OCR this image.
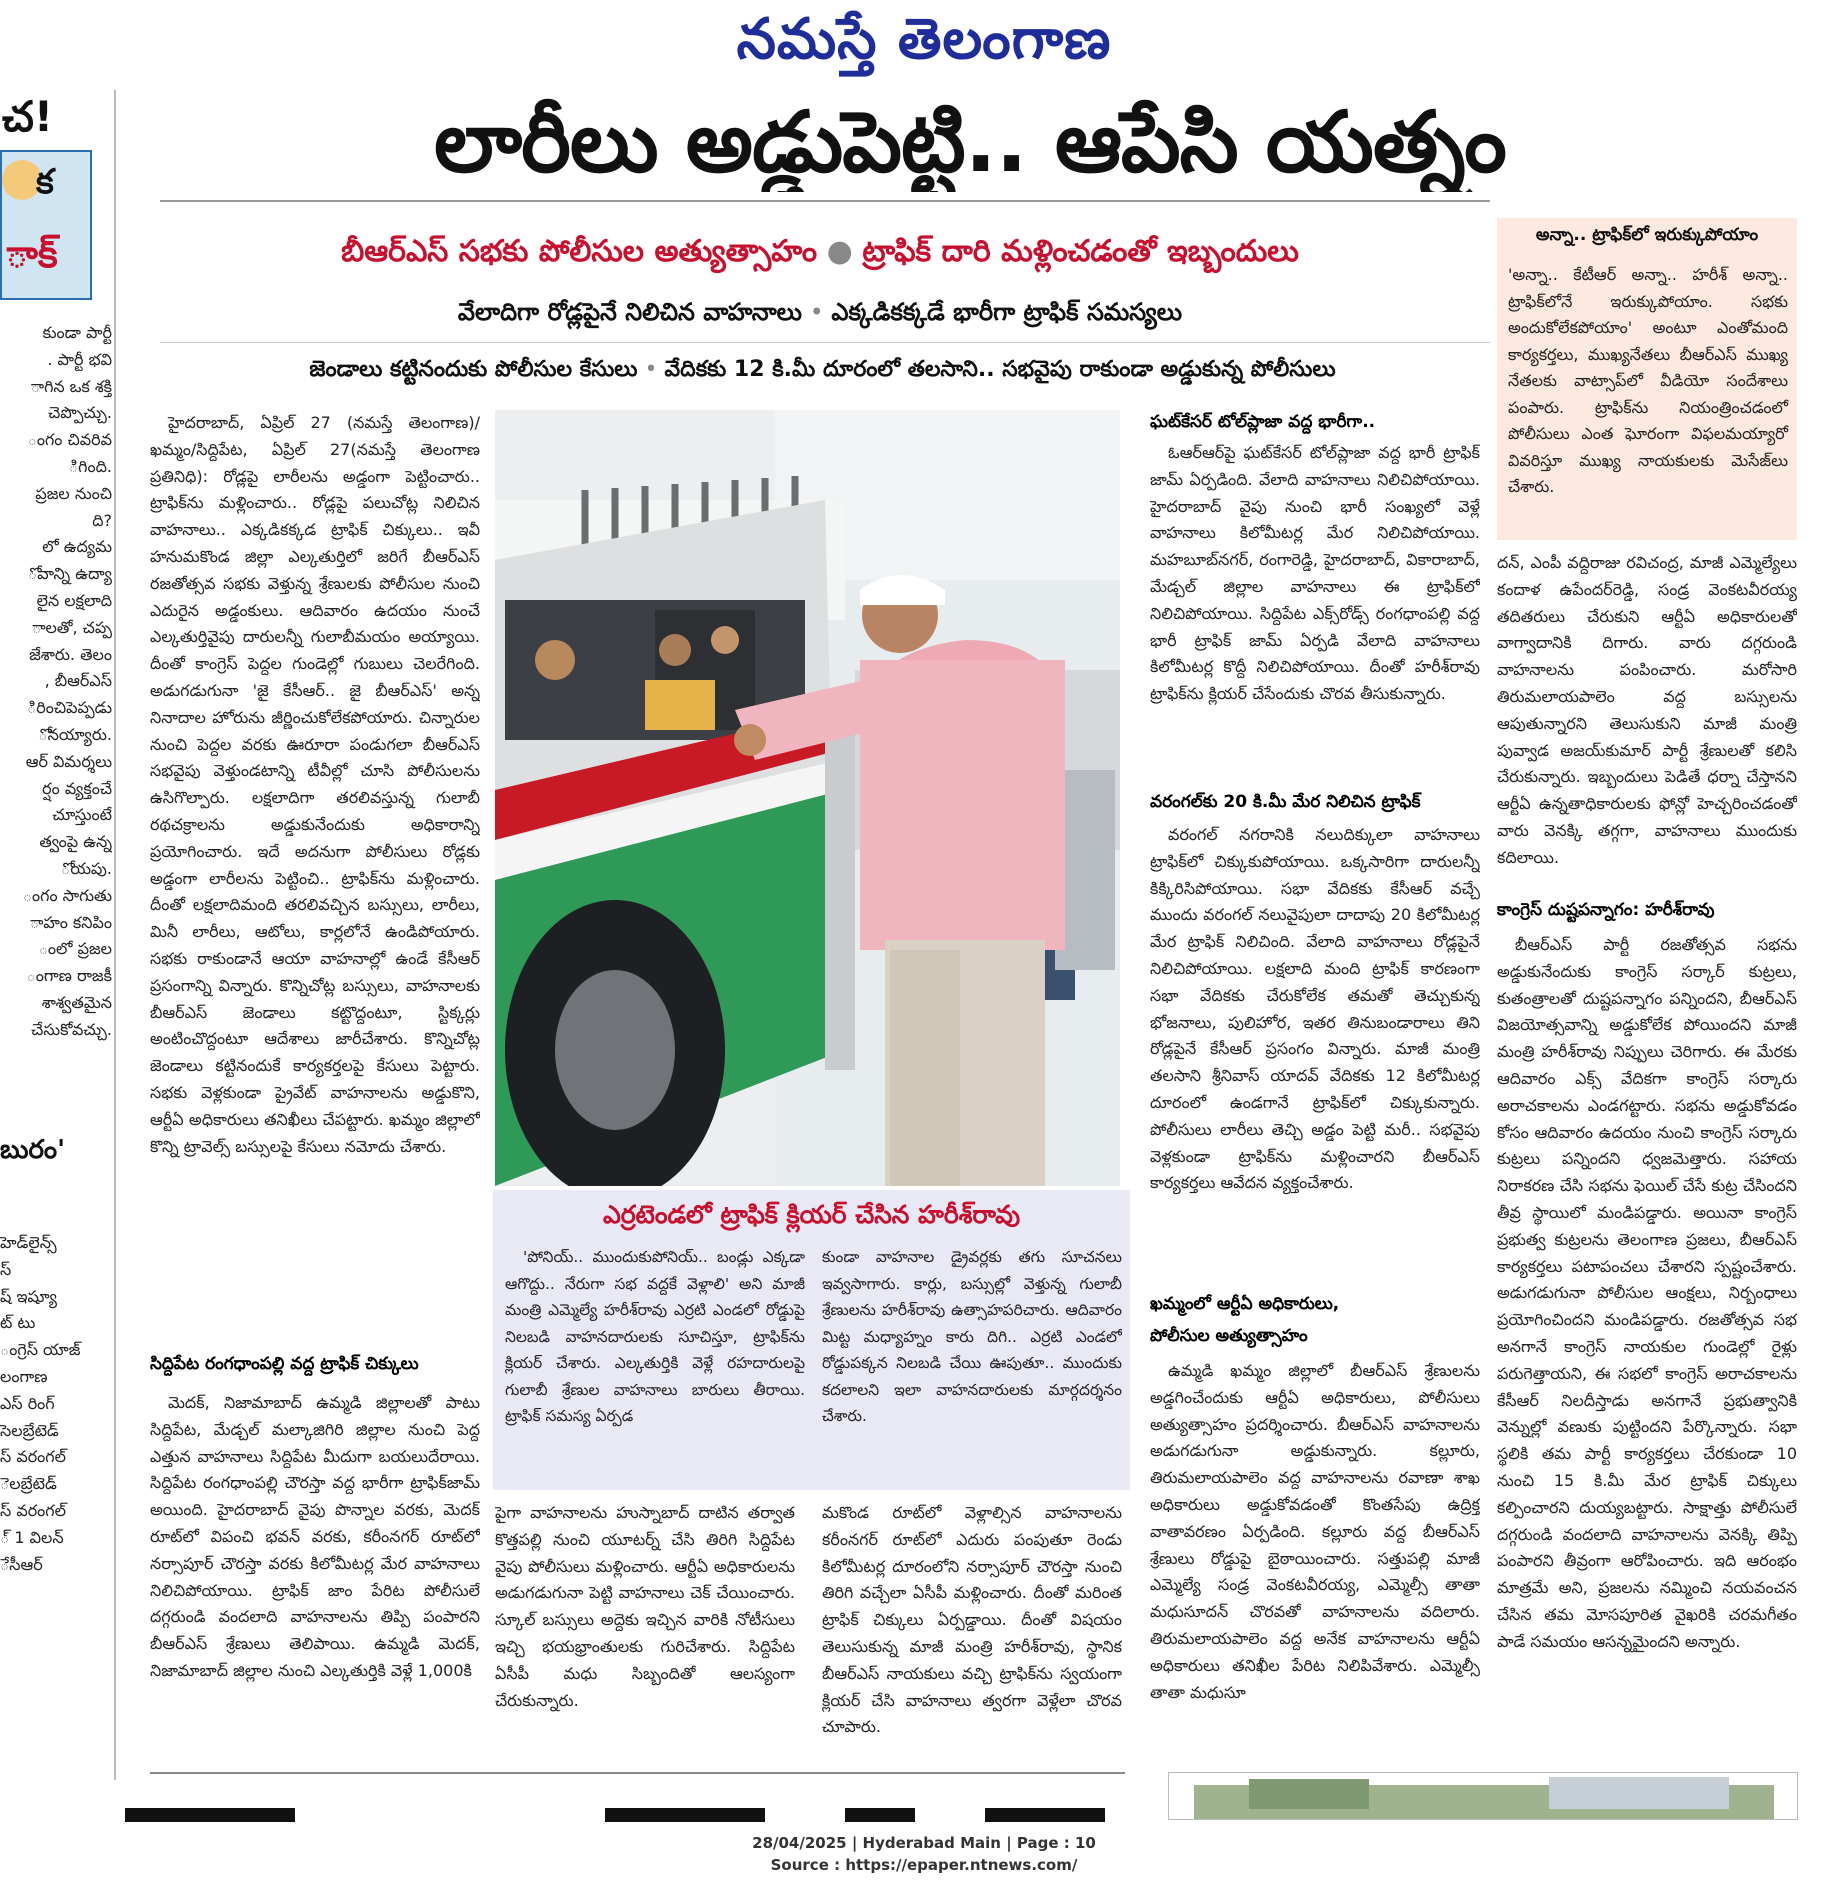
నమస్తే తెలంగాణ
చ!
క
ాక్
కుండా పార్టీ
. పార్టీ భవి
ాగిన ఒక శక్తి
చెప్పొచ్చు.
ంగం చివరివ
ిగింది.
ప్రజల నుంచి
ది?
లో ఉద్యమ
ోవాన్ని ఉద్యా
లైన లక్షలాది
ాలతో, చప్ప
జేశారు. తెలం
, బీఆర్ఎస్
ిరించిపెప్పడు
ోనయ్యారు.
ఆర్ విమర్శలు
ర్షం వ్యక్తంచే
చూస్తుంటే
త్వంపై ఉన్న
ోయపు.
ంగం సాగుతు
ాహం కనిపిం
ంలో ప్రజల
ంగాణ రాజకీ
శాశ్వతమైన
చేసుకోవచ్చు.
బురం'
హెడ్‌లైన్స్
స్
ష్ ఇష్యూ
ట్ టు
ంగ్రెస్ యాజ్
లంగాణ
ఎస్ రింగ్
సెలబ్రేటెడ్
స్ వరంగల్
ెలబ్రేటెడ్
స్ వరంగల్
్ 1 విలన్
ేసీఆర్
లారీలు అడ్డుపెట్టి.. ఆపేసి యత్నం
బీఆర్ఎస్ సభకు పోలీసుల అత్యుత్సాహం ● ట్రాఫిక్ దారి మళ్లించడంతో ఇబ్బందులు
వేలాదిగా రోడ్లపైనే నిలిచిన వాహనాలు • ఎక్కడికక్కడే భారీగా ట్రాఫిక్ సమస్యలు
జెండాలు కట్టినందుకు పోలీసుల కేసులు • వేదికకు 12 కి.మీ దూరంలో తలసాని.. సభవైపు రాకుండా అడ్డుకున్న పోలీసులు

హైదరాబాద్, ఏప్రిల్ 27 (నమస్తే తెలంగాణ)/ఖమ్మం/సిద్దిపేట, ఏప్రిల్ 27(నమస్తే తెలంగాణ ప్రతినిధి): రోడ్లపై లారీలను అడ్డంగా పెట్టించారు.. ట్రాఫిక్‌ను మళ్లించారు.. రోడ్లపై పలుచోట్ల నిలిచిన వాహనాలు.. ఎక్కడికక్కడ ట్రాఫిక్ చిక్కులు.. ఇవీ హనుమకొండ జిల్లా ఎల్కతుర్తిలో జరిగే బీఆర్ఎస్ రజతోత్సవ సభకు వెళ్తున్న శ్రేణులకు పోలీసుల నుంచి ఎదురైన అడ్డంకులు. ఆదివారం ఉదయం నుంచే ఎల్కతుర్తివైపు దారులన్నీ గులాబీమయం అయ్యాయి. దీంతో కాంగ్రెస్ పెద్దల గుండెల్లో గుబులు చెలరేగింది. అడుగడుగునా 'జై కేసీఆర్.. జై బీఆర్ఎస్' అన్న నినాదాల హోరును జీర్ణించుకోలేకపోయారు. చిన్నారుల నుంచి పెద్దల వరకు ఊరూరా పండుగలా బీఆర్ఎస్ సభవైపు వెళ్తుండటాన్ని టీవీల్లో చూసి పోలీసులను ఉసిగొల్పారు. లక్షలాదిగా తరలివస్తున్న గులాబీ రథచక్రాలను అడ్డుకునేందుకు అధికారాన్ని ప్రయోగించారు. ఇదే అదనుగా పోలీసులు రోడ్లకు అడ్డంగా లారీలను పెట్టించి.. ట్రాఫిక్‌ను మళ్లించారు. దీంతో లక్షలాదిమంది తరలివచ్చిన బస్సులు, లారీలు, మినీ లారీలు, ఆటోలు, కార్లలోనే ఉండిపోయారు. సభకు రాకుండానే ఆయా వాహనాల్లో ఉండే కేసీఆర్ ప్రసంగాన్ని విన్నారు. కొన్నిచోట్ల బస్సులు, వాహనాలకు బీఆర్ఎస్ జెండాలు కట్టొద్దంటూ, స్టిక్కర్లు అంటించొద్దంటూ ఆదేశాలు జారీచేశారు. కొన్నిచోట్ల జెండాలు కట్టినందుకే కార్యకర్తలపై కేసులు పెట్టారు. సభకు వెళ్లకుండా ప్రైవేట్ వాహనాలను అడ్డుకొని, ఆర్టీఏ అధికారులు తనిఖీలు చేపట్టారు. ఖమ్మం జిల్లాలో కొన్ని ట్రావెల్స్ బస్సులపై కేసులు నమోదు చేశారు.

సిద్దిపేట రంగధాంపల్లి వద్ద ట్రాఫిక్ చిక్కులు

మెదక్, నిజామాబాద్ ఉమ్మడి జిల్లాలతో పాటు సిద్దిపేట, మేడ్చల్ మల్కాజిగిరి జిల్లాల నుంచి పెద్ద ఎత్తున వాహనాలు సిద్దిపేట మీదుగా బయలుదేరాయి. సిద్దిపేట రంగధాంపల్లి చౌరస్తా వద్ద భారీగా ట్రాఫిక్‌జామ్ అయింది. హైదరాబాద్ వైపు పొన్నాల వరకు, మెదక్ రూట్‌లో విపంచి భవన్ వరకు, కరీంనగర్ రూట్‌లో నర్సాపూర్ చౌరస్తా వరకు కిలోమీటర్ల మేర వాహనాలు నిలిచిపోయాయి. ట్రాఫిక్ జాం పేరిట పోలీసులే దగ్గరుండి వందలాది వాహనాలను తిప్పి పంపారని బీఆర్ఎస్ శ్రేణులు తెలిపాయి. ఉమ్మడి మెదక్, నిజామాబాద్ జిల్లాల నుంచి ఎల్కతుర్తికి వెళ్లే 1,000కి

ఎర్రటెండలో ట్రాఫిక్ క్లియర్ చేసిన హరీశ్‌రావు

'పోనియ్.. ముందుకుపోనియ్.. బండ్లు ఎక్కడా ఆగొద్దు.. నేరుగా సభ వద్దకే వెళ్లాలి' అని మాజీ మంత్రి ఎమ్మెల్యే హరీశ్‌రావు ఎర్రటి ఎండలో రోడ్డుపై నిలబడి వాహనదారులకు సూచిస్తూ, ట్రాఫిక్‌ను క్లియర్ చేశారు. ఎల్కతుర్తికి వెళ్లే రహదారులపై గులాబీ శ్రేణుల వాహనాలు బారులు తీరాయి. ట్రాఫిక్ సమస్య ఏర్పడ

కుండా వాహనాల డ్రైవర్లకు తగు సూచనలు ఇవ్వసాగారు. కార్లు, బస్సుల్లో వెళ్తున్న గులాబీ శ్రేణులను హరీశ్‌రావు ఉత్సాహపరిచారు. ఆదివారం మిట్ట మధ్యాహ్నం కారు దిగి.. ఎర్రటి ఎండలో రోడ్డుపక్కన నిలబడి చేయి ఊపుతూ.. ముందుకు కదలాలని ఇలా వాహనదారులకు మార్గదర్శనం చేశారు.

పైగా వాహనాలను హుస్నాబాద్ దాటిన తర్వాత కొత్తపల్లి నుంచి యూటర్న్ చేసి తిరిగి సిద్దిపేట వైపు పోలీసులు మళ్లించారు. ఆర్టీఏ అధికారులను అడుగడుగునా పెట్టి వాహనాలు చెక్ చేయించారు. స్కూల్ బస్సులు అద్దెకు ఇచ్చిన వారికి నోటీసులు ఇచ్చి భయభ్రాంతులకు గురిచేశారు. సిద్దిపేట ఏసీపీ మధు సిబ్బందితో ఆలస్యంగా చేరుకున్నారు.

మకొండ రూట్‌లో వెళ్లాల్సిన వాహనాలను కరీంనగర్ రూట్‌లో ఎదురు పంపుతూ రెండు కిలోమీటర్ల దూరంలోని నర్సాపూర్ చౌరస్తా నుంచి తిరిగి వచ్చేలా ఏసీపీ మళ్లించారు. దీంతో మరింత ట్రాఫిక్ చిక్కులు ఏర్పడ్డాయి. దీంతో విషయం తెలుసుకున్న మాజీ మంత్రి హరీశ్‌రావు, స్థానిక బీఆర్ఎస్ నాయకులు వచ్చి ట్రాఫిక్‌ను స్వయంగా క్లియర్ చేసి వాహనాలు త్వరగా వెళ్లేలా చొరవ చూపారు.

ఘట్‌కేసర్ టోల్‌ప్లాజా వద్ద భారీగా..

ఓఆర్ఆర్‌పై ఘట్‌కేసర్ టోల్‌ప్లాజా వద్ద భారీ ట్రాఫిక్ జామ్ ఏర్పడింది. వేలాది వాహనాలు నిలిచిపోయాయి. హైదరాబాద్ వైపు నుంచి భారీ సంఖ్యలో వెళ్లే వాహనాలు కిలోమీటర్ల మేర నిలిచిపోయాయి. మహబూబ్‌నగర్, రంగారెడ్డి, హైదరాబాద్, వికారాబాద్, మేడ్చల్ జిల్లాల వాహనాలు ఈ ట్రాఫిక్‌లో నిలిచిపోయాయి. సిద్దిపేట ఎక్స్‌రోడ్స్ రంగధాంపల్లి వద్ద భారీ ట్రాఫిక్ జామ్ ఏర్పడి వేలాది వాహనాలు కిలోమీటర్ల కొద్దీ నిలిచిపోయాయి. దీంతో హరీశ్‌రావు ట్రాఫిక్‌ను క్లియర్ చేసేందుకు చొరవ తీసుకున్నారు.

వరంగల్‌కు 20 కి.మీ మేర నిలిచిన ట్రాఫిక్

వరంగల్ నగరానికి నలుదిక్కులా వాహనాలు ట్రాఫిక్‌లో చిక్కుకుపోయాయి. ఒక్కసారిగా దారులన్నీ కిక్కిరిసిపోయాయి. సభా వేదికకు కేసీఆర్ వచ్చే ముందు వరంగల్ నలువైపులా దాదాపు 20 కిలోమీటర్ల మేర ట్రాఫిక్ నిలిచింది. వేలాది వాహనాలు రోడ్లపైనే నిలిచిపోయాయి. లక్షలాది మంది ట్రాఫిక్ కారణంగా సభా వేదికకు చేరుకోలేక తమతో తెచ్చుకున్న భోజనాలు, పులిహోర, ఇతర తినుబండారాలు తిని రోడ్లపైనే కేసీఆర్ ప్రసంగం విన్నారు. మాజీ మంత్రి తలసాని శ్రీనివాస్ యాదవ్ వేదికకు 12 కిలోమీటర్ల దూరంలో ఉండగానే ట్రాఫిక్‌లో చిక్కుకున్నారు. పోలీసులు లారీలు తెచ్చి అడ్డం పెట్టి మరీ.. సభవైపు వెళ్లకుండా ట్రాఫిక్‌ను మళ్లించారని బీఆర్ఎస్ కార్యకర్తలు ఆవేదన వ్యక్తంచేశారు.

ఖమ్మంలో ఆర్టీఏ అధికారులు,
పోలీసుల అత్యుత్సాహం

ఉమ్మడి ఖమ్మం జిల్లాలో బీఆర్ఎస్ శ్రేణులను అడ్డగించేందుకు ఆర్టీఏ అధికారులు, పోలీసులు అత్యుత్సాహం ప్రదర్శించారు. బీఆర్ఎస్ వాహనాలను అడుగడుగునా అడ్డుకున్నారు. కల్లూరు, తిరుమలాయపాలెం వద్ద వాహనాలను రవాణా శాఖ అధికారులు అడ్డుకోవడంతో కొంతసేపు ఉద్రిక్త వాతావరణం ఏర్పడింది. కల్లూరు వద్ద బీఆర్ఎస్ శ్రేణులు రోడ్డుపై బైఠాయించారు. సత్తుపల్లి మాజీ ఎమ్మెల్యే సండ్ర వెంకటవీరయ్య, ఎమ్మెల్సీ తాతా మధుసూదన్ చొరవతో వాహనాలను వదిలారు. తిరుమలాయపాలెం వద్ద అనేక వాహనాలను ఆర్టీఏ అధికారులు తనిఖీల పేరిట నిలిపివేశారు. ఎమ్మెల్సీ తాతా మధుసూ

అన్నా.. ట్రాఫిక్‌లో ఇరుక్కుపోయాం
'అన్నా.. కేటీఆర్ అన్నా.. హరీశ్ అన్నా.. ట్రాఫిక్‌లోనే ఇరుక్కుపోయాం. సభకు అందుకోలేకపోయాం' అంటూ ఎంతోమంది కార్యకర్తలు, ముఖ్యనేతలు బీఆర్ఎస్ ముఖ్య నేతలకు వాట్సాప్‌లో వీడియో సందేశాలు పంపారు. ట్రాఫిక్‌ను నియంత్రించడంలో పోలీసులు ఎంత ఘోరంగా విఫలమయ్యారో వివరిస్తూ ముఖ్య నాయకులకు మెసేజ్‌లు చేశారు.

దన్, ఎంపీ వద్దిరాజు రవిచంద్ర, మాజీ ఎమ్మెల్యేలు కందాళ ఉపేందర్‌రెడ్డి, సండ్ర వెంకటవీరయ్య తదితరులు చేరుకుని ఆర్టీఏ అధికారులతో వాగ్వాదానికి దిగారు. వారు దగ్గరుండి వాహనాలను పంపించారు. మరోసారి తిరుమలాయపాలెం వద్ద బస్సులను ఆపుతున్నారని తెలుసుకుని మాజీ మంత్రి పువ్వాడ అజయ్‌కుమార్ పార్టీ శ్రేణులతో కలిసి చేరుకున్నారు. ఇబ్బందులు పెడితే ధర్నా చేస్తానని ఆర్టీఏ ఉన్నతాధికారులకు ఫోన్లో హెచ్చరించడంతో వారు వెనక్కి తగ్గగా, వాహనాలు ముందుకు కదిలాయి.

కాంగ్రెస్ దుష్టపన్నాగం: హరీశ్‌రావు

బీఆర్ఎస్ పార్టీ రజతోత్సవ సభను అడ్డుకునేందుకు కాంగ్రెస్ సర్కార్ కుట్రలు, కుతంత్రాలతో దుష్టపన్నాగం పన్నిందని, బీఆర్ఎస్ విజయోత్సవాన్ని అడ్డుకోలేక పోయిందని మాజీ మంత్రి హరీశ్‌రావు నిప్పులు చెరిగారు. ఈ మేరకు ఆదివారం ఎక్స్ వేదికగా కాంగ్రెస్ సర్కారు అరాచకాలను ఎండగట్టారు. సభను అడ్డుకోవడం కోసం ఆదివారం ఉదయం నుంచి కాంగ్రెస్ సర్కారు కుట్రలు పన్నిందని ధ్వజమెత్తారు. సహాయ నిరాకరణ చేసి సభను ఫెయిల్ చేసే కుట్ర చేసిందని తీవ్ర స్థాయిలో మండిపడ్డారు. అయినా కాంగ్రెస్ ప్రభుత్వ కుట్రలను తెలంగాణ ప్రజలు, బీఆర్ఎస్ కార్యకర్తలు పటాపంచలు చేశారని స్పష్టంచేశారు. అడుగడుగునా పోలీసుల ఆంక్షలు, నిర్బంధాలు ప్రయోగించిందని మండిపడ్డారు. రజతోత్సవ సభ అనగానే కాంగ్రెస్ నాయకుల గుండెల్లో రైళ్లు పరుగెత్తాయని, ఈ సభలో కాంగ్రెస్ అరాచకాలను కేసీఆర్ నిలదీస్తాడు అనగానే ప్రభుత్వానికి వెన్నుల్లో వణుకు పుట్టిందని పేర్కొన్నారు. సభా స్థలికి తమ పార్టీ కార్యకర్తలు చేరకుండా 10 నుంచి 15 కి.మీ మేర ట్రాఫిక్ చిక్కులు కల్పించారని దుయ్యబట్టారు. సాక్షాత్తు పోలీసులే దగ్గరుండి వందలాది వాహనాలను వెనక్కి తిప్పి పంపారని తీవ్రంగా ఆరోపించారు. ఇది ఆరంభం మాత్రమే అని, ప్రజలను నమ్మించి నయవంచన చేసిన తమ మోసపూరిత వైఖరికి చరమగీతం పాడే సమయం ఆసన్నమైందని అన్నారు.

28/04/2025 | Hyderabad Main | Page : 10
Source : https://epaper.ntnews.com/
